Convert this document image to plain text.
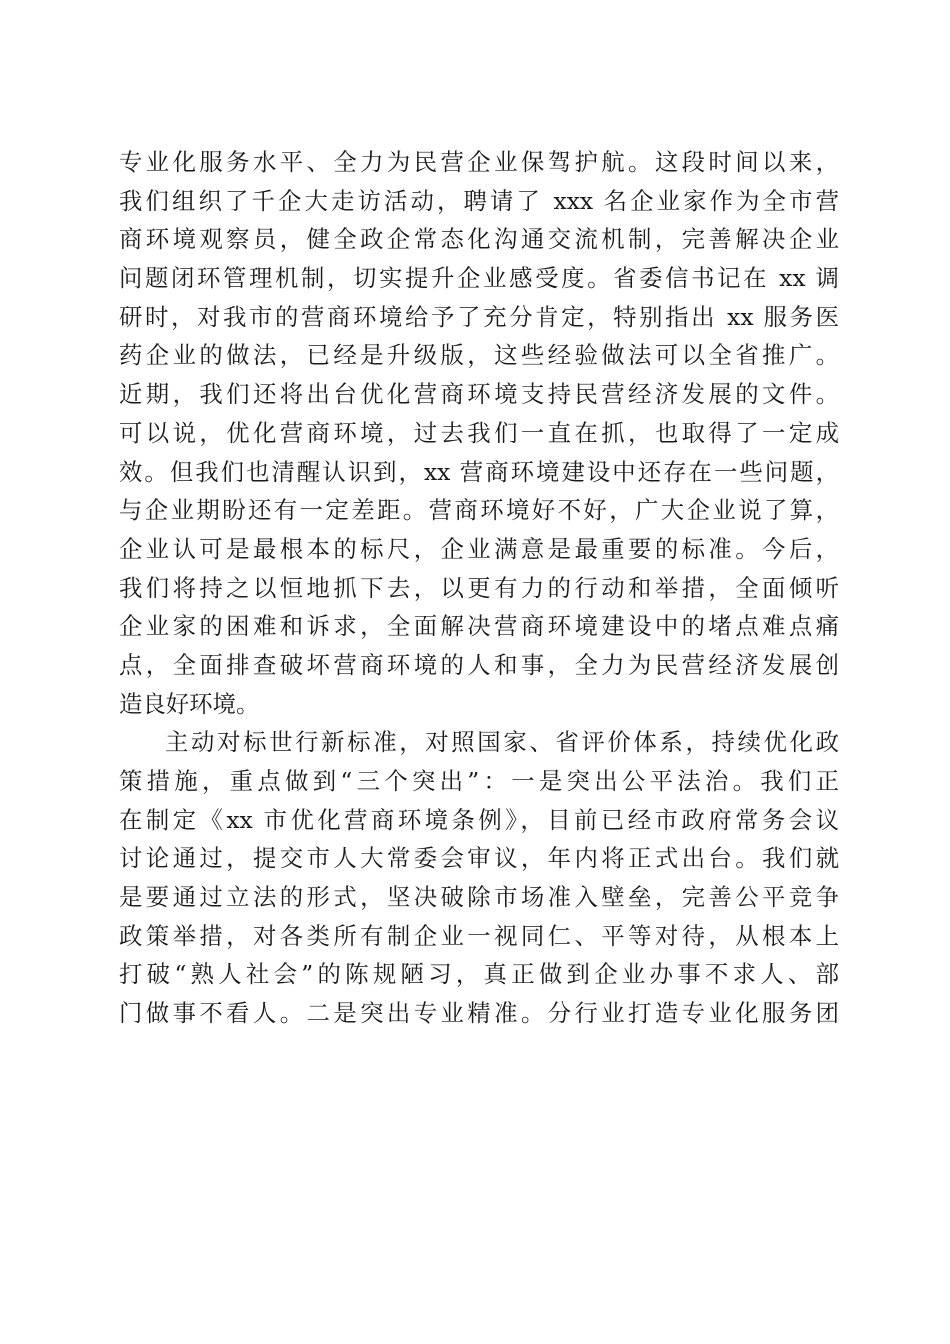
专业化服务水平、全力为民营企业保驾护航。这段时间以来，
我们组织了千企大走访活动，聘请了 xxx 名企业家作为全市营
商环境观察员，健全政企常态化沟通交流机制，完善解决企业
问题闭环管理机制，切实提升企业感受度。省委信书记在 xx 调
研时，对我市的营商环境给予了充分肯定，特别指出 xx 服务医
药企业的做法，已经是升级版，这些经验做法可以全省推广。
近期，我们还将出台优化营商环境支持民营经济发展的文件。
可以说，优化营商环境，过去我们一直在抓，也取得了一定成
效。但我们也清醒认识到，xx 营商环境建设中还存在一些问题，
与企业期盼还有一定差距。营商环境好不好，广大企业说了算，
企业认可是最根本的标尺，企业满意是最重要的标准。今后，
我们将持之以恒地抓下去，以更有力的行动和举措，全面倾听
企业家的困难和诉求，全面解决营商环境建设中的堵点难点痛
点，全面排查破坏营商环境的人和事，全力为民营经济发展创
造良好环境。
主动对标世行新标准，对照国家、省评价体系，持续优化政
策措施，重点做到“三个突出”：一是突出公平法治。我们正
在制定《xx 市优化营商环境条例》，目前已经市政府常务会议
讨论通过，提交市人大常委会审议，年内将正式出台。我们就
是要通过立法的形式，坚决破除市场准入壁垒，完善公平竞争
政策举措，对各类所有制企业一视同仁、平等对待，从根本上
打破“熟人社会”的陈规陋习，真正做到企业办事不求人、部
门做事不看人。二是突出专业精准。分行业打造专业化服务团
